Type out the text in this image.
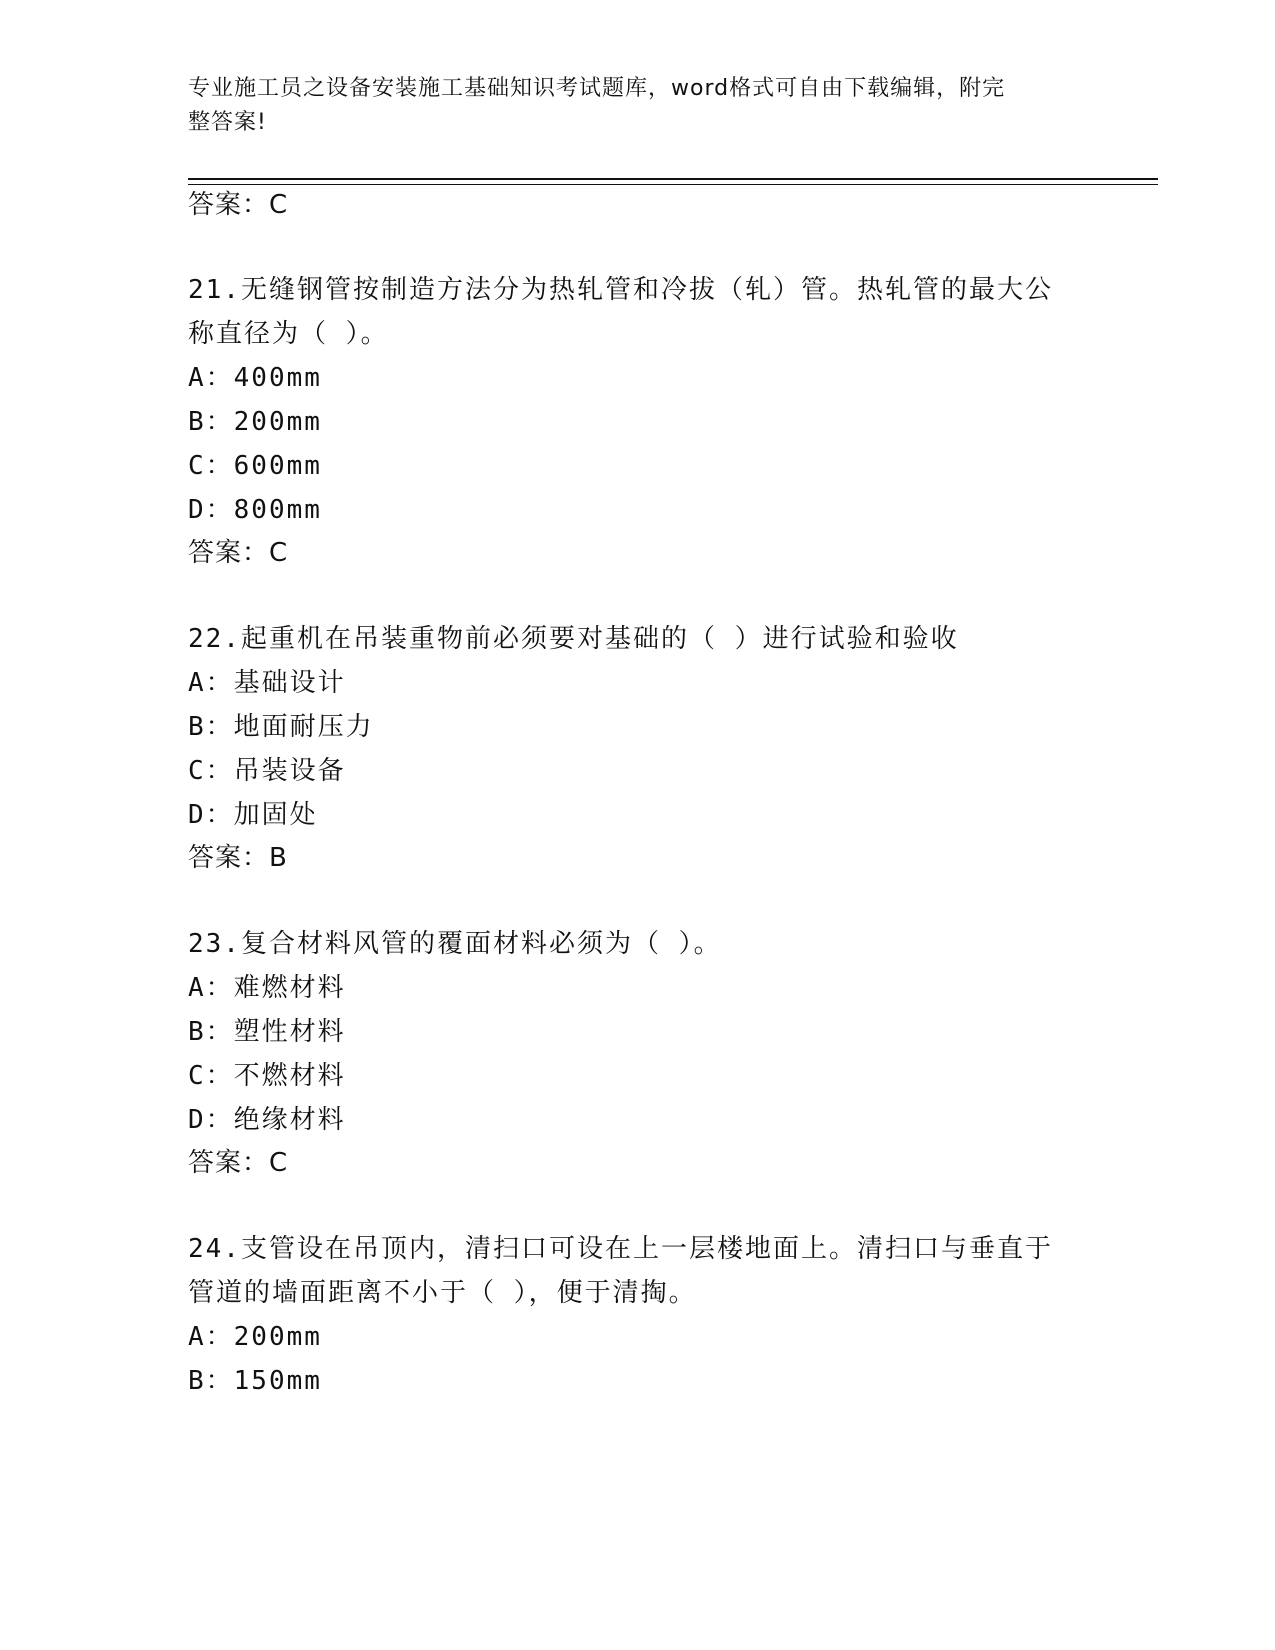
专业施工员之设备安装施工基础知识考试题库，word格式可自由下载编辑，附完
整答案!
答案：C
21.无缝钢管按制造方法分为热轧管和冷拔（轧）管。热轧管的最大公
称直径为（ ）。
A：400mm
B：200mm
C：600mm
D：800mm
答案：C
22.起重机在吊装重物前必须要对基础的（ ）进行试验和验收
A：基础设计
B：地面耐压力
C：吊装设备
D：加固处
答案：B
23.复合材料风管的覆面材料必须为（ ）。
A：难燃材料
B：塑性材料
C：不燃材料
D：绝缘材料
答案：C
24.支管设在吊顶内，清扫口可设在上一层楼地面上。清扫口与垂直于
管道的墙面距离不小于（ ），便于清掏。
A：200mm
B：150mm
